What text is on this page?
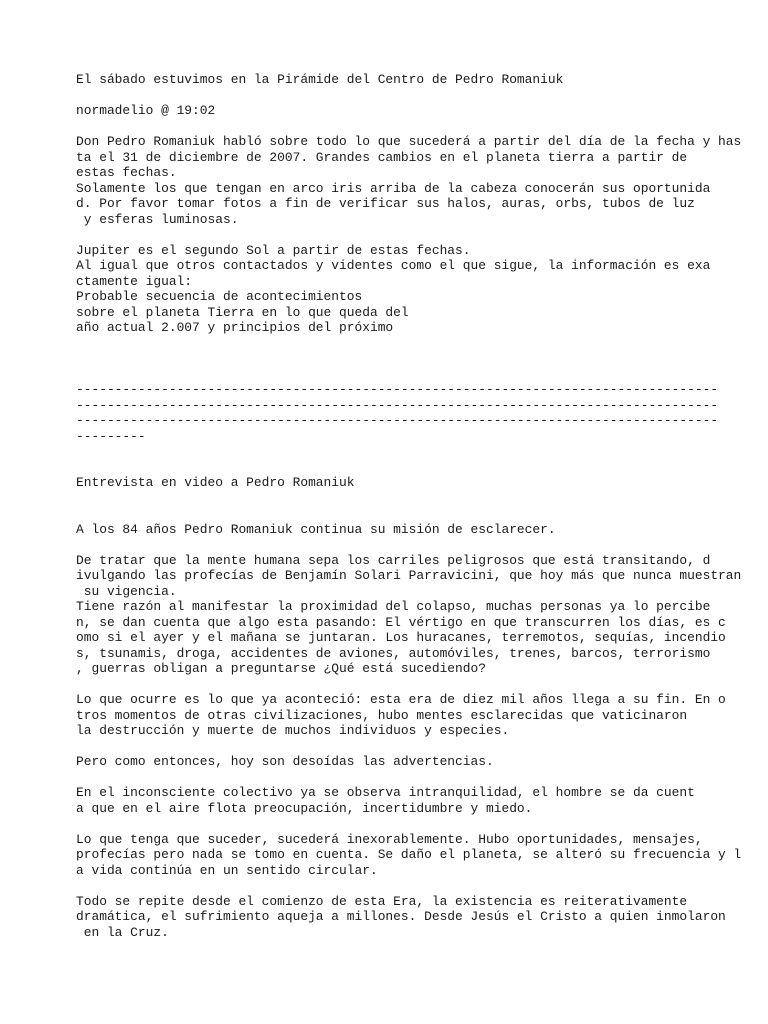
El sábado estuvimos en la Pirámide del Centro de Pedro Romaniuk
normadelio @ 19:02
Don Pedro Romaniuk habló sobre todo lo que sucederá a partir del día de la fecha y has
ta el 31 de diciembre de 2007. Grandes cambios en el planeta tierra a partir de
estas fechas.
Solamente los que tengan en arco iris arriba de la cabeza conocerán sus oportunida
d. Por favor tomar fotos a fin de verificar sus halos, auras, orbs, tubos de luz
y esferas luminosas.
Jupiter es el segundo Sol a partir de estas fechas.
Al igual que otros contactados y videntes como el que sigue, la información es exa
ctamente igual:
Probable secuencia de acontecimientos
sobre el planeta Tierra en lo que queda del
año actual 2.007 y principios del próximo
-----------------------------------------------------------------------------------
-----------------------------------------------------------------------------------
-----------------------------------------------------------------------------------
---------
Entrevista en video a Pedro Romaniuk
A los 84 años Pedro Romaniuk continua su misión de esclarecer.
De tratar que la mente humana sepa los carriles peligrosos que está transitando, d
ivulgando las profecías de Benjamín Solari Parravicini, que hoy más que nunca muestran
su vigencia.
Tiene razón al manifestar la proximidad del colapso, muchas personas ya lo percibe
n, se dan cuenta que algo esta pasando: El vértigo en que transcurren los días, es c
omo si el ayer y el mañana se juntaran. Los huracanes, terremotos, sequías, incendio
s, tsunamis, droga, accidentes de aviones, automóviles, trenes, barcos, terrorismo
, guerras obligan a preguntarse ¿Qué está sucediendo?
Lo que ocurre es lo que ya aconteció: esta era de diez mil años llega a su fin. En o
tros momentos de otras civilizaciones, hubo mentes esclarecidas que vaticinaron
la destrucción y muerte de muchos individuos y especies.
Pero como entonces, hoy son desoídas las advertencias.
En el inconsciente colectivo ya se observa intranquilidad, el hombre se da cuent
a que en el aire flota preocupación, incertidumbre y miedo.
Lo que tenga que suceder, sucederá inexorablemente. Hubo oportunidades, mensajes,
profecías pero nada se tomo en cuenta. Se daño el planeta, se alteró su frecuencia y l
a vida continúa en un sentido circular.
Todo se repite desde el comienzo de esta Era, la existencia es reiterativamente
dramática, el sufrimiento aqueja a millones. Desde Jesús el Cristo a quien inmolaron
en la Cruz.
